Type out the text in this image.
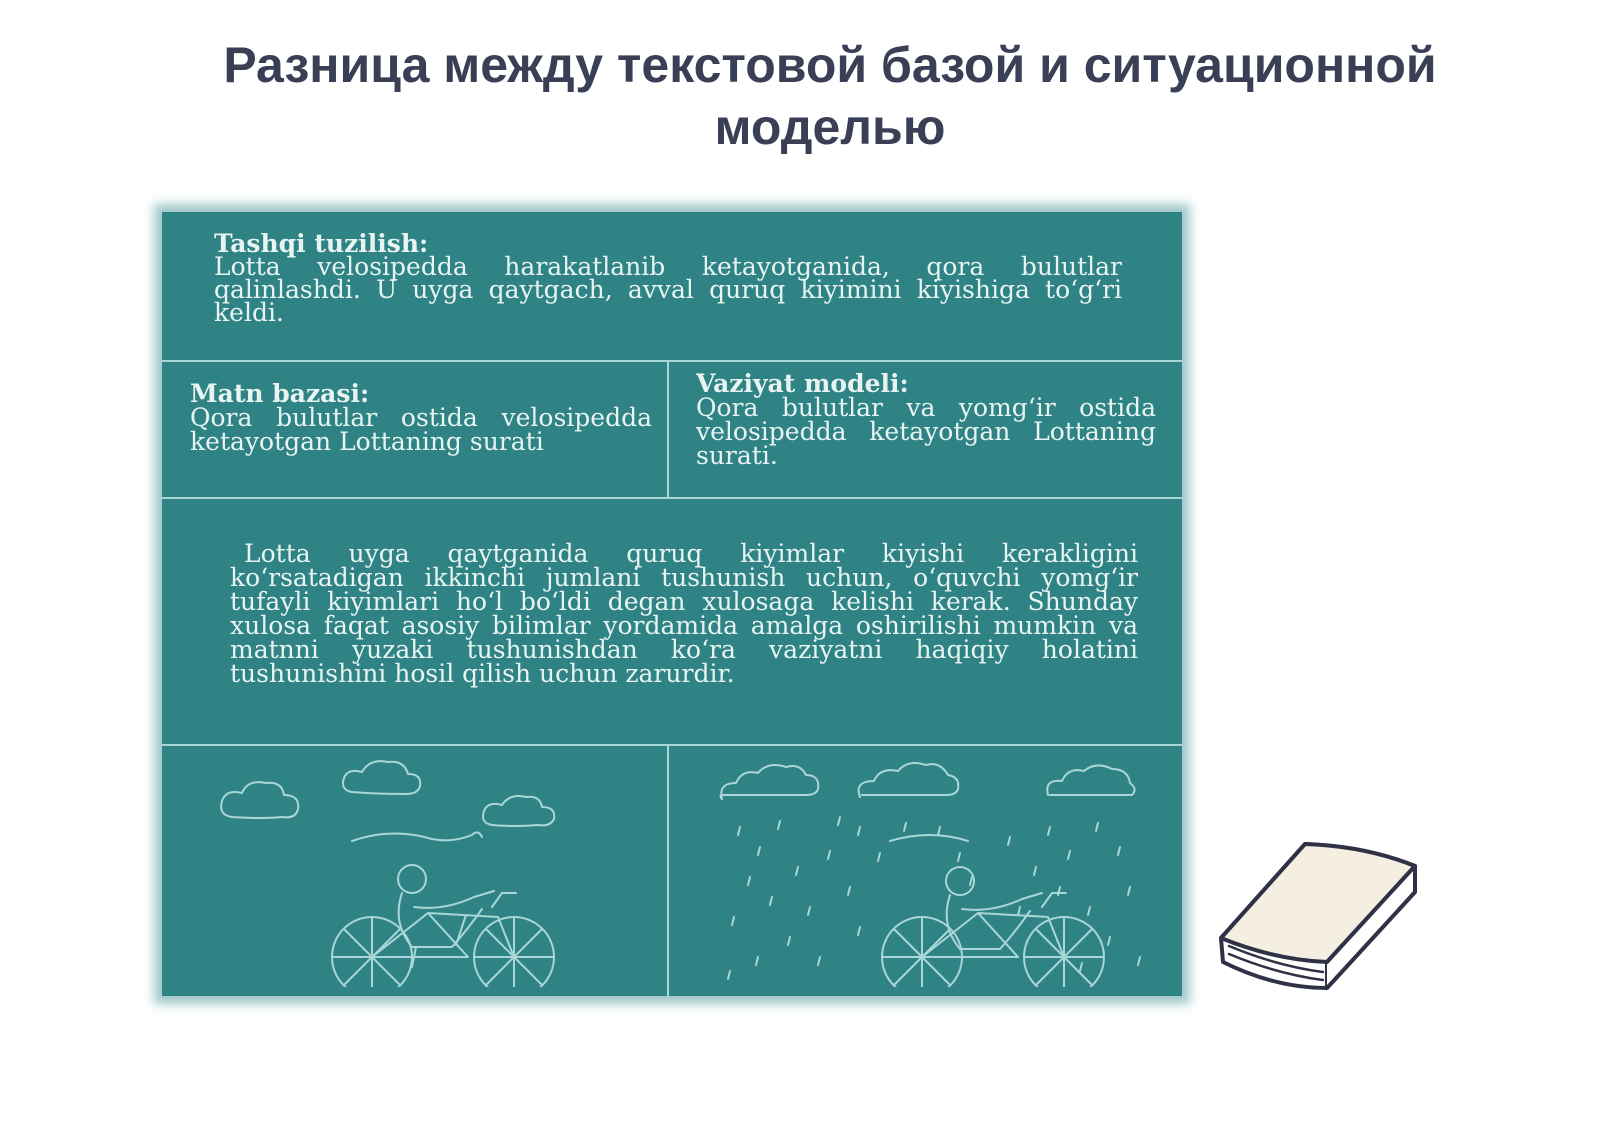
Разница между текстовой базой и ситуационной моделью
Tashqi tuzilish:
Lotta velosipedda harakatlanib ketayotganida, qora bulutlar qalinlashdi. U uyga qaytgach, avval quruq kiyimini kiyishiga to‘g‘ri keldi.
Matn bazasi:
Qora bulutlar ostida velosipedda ketayotgan Lottaning surati
Vaziyat modeli:
Qora bulutlar va yomg‘ir ostida velosipedda ketayotgan Lottaning surati.
Lotta uyga qaytganida quruq kiyimlar kiyishi kerakligini ko‘rsatadigan ikkinchi jumlani tushunish uchun, o‘quvchi yomg‘ir tufayli kiyimlari ho‘l bo‘ldi degan xulosaga kelishi kerak. Shunday xulosa faqat asosiy bilimlar yordamida amalga oshirilishi mumkin va matnni yuzaki tushunishdan ko‘ra vaziyatni haqiqiy holatini tushunishini hosil qilish uchun zarurdir.
